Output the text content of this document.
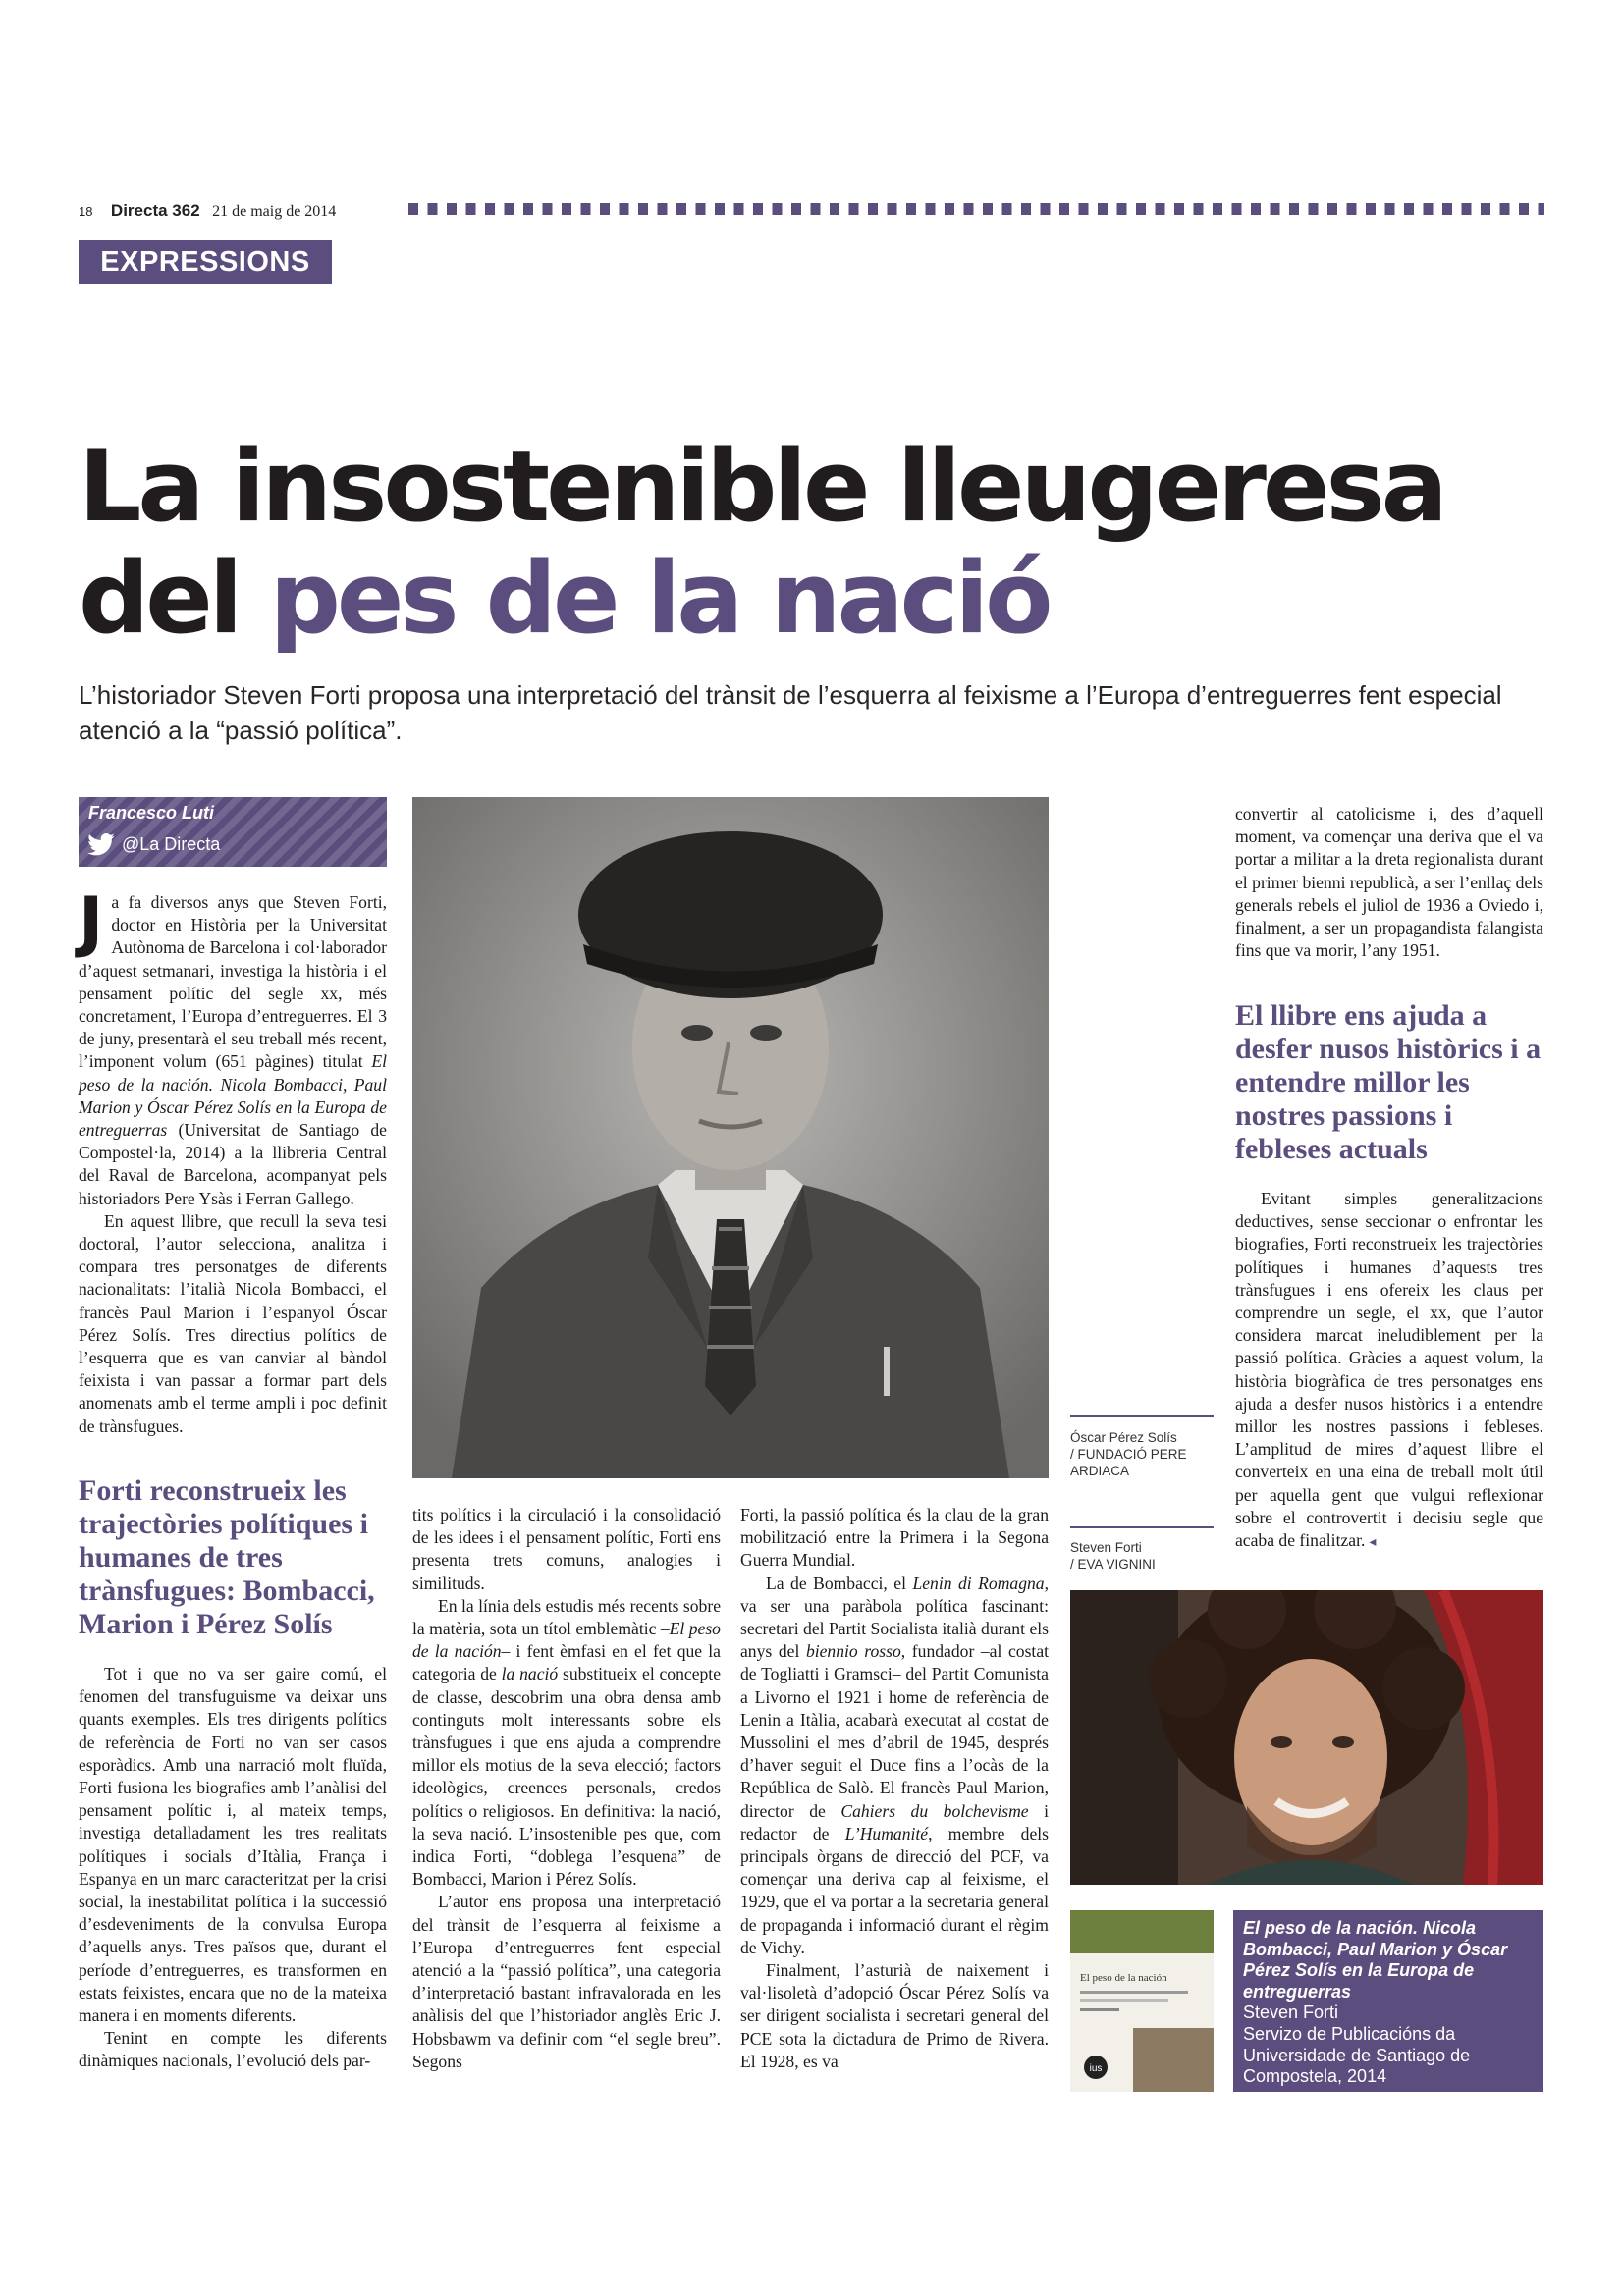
18 Directa 362 21 de maig de 2014
EXPRESSIONS
La insostenible lleugeresa del pes de la nació

L’historiador Steven Forti proposa una interpretació del trànsit de l’esquerra al feixisme a l’Europa d’entreguerres fent especial atenció a la “passió política”.

Francesco Luti
@La Directa

Ja fa diversos anys que Steven Forti, doctor en Història per la Universitat Autònoma de Barcelona i col·laborador d’aquest setmanari, investiga la història i el pensament polític del segle xx, més concretament, l’Europa d’entreguerres. El 3 de juny, presentarà el seu treball més recent, l’imponent volum (651 pàgines) titulat El peso de la nación. Nicola Bombacci, Paul Marion y Óscar Pérez Solís en la Europa de entreguerras (Universitat de Santiago de Compostel·la, 2014) a la llibreria Central del Raval de Barcelona, acompanyat pels historiadors Pere Ysàs i Ferran Gallego.

En aquest llibre, que recull la seva tesi doctoral, l’autor selecciona, analitza i compara tres personatges de diferents nacionalitats: l’italià Nicola Bombacci, el francès Paul Marion i l’espanyol Óscar Pérez Solís. Tres directius polítics de l’esquerra que es van canviar al bàndol feixista i van passar a formar part dels anomenats amb el terme ampli i poc definit de trànsfugues.

Forti reconstrueix les trajectòries polítiques i humanes de tres trànsfugues: Bombacci, Marion i Pérez Solís

Tot i que no va ser gaire comú, el fenomen del transfuguisme va deixar uns quants exemples. Els tres dirigents polítics de referència de Forti no van ser casos esporàdics. Amb una narració molt fluïda, Forti fusiona les biografies amb l’anàlisi del pensament polític i, al mateix temps, investiga detalladament les tres realitats polítiques i socials d’Itàlia, França i Espanya en un marc caracteritzat per la crisi social, la inestabilitat política i la successió d’esdeveniments de la convulsa Europa d’aquells anys. Tres països que, durant el període d’entreguerres, es transformen en estats feixistes, encara que no de la mateixa manera i en moments diferents.

Tenint en compte les diferents dinàmiques nacionals, l’evolució dels par-

tits polítics i la circulació i la consolidació de les idees i el pensament polític, Forti ens presenta trets comuns, analogies i similituds.

En la línia dels estudis més recents sobre la matèria, sota un títol emblemàtic –El peso de la nación– i fent èmfasi en el fet que la categoria de la nació substitueix el concepte de classe, descobrim una obra densa amb continguts molt interessants sobre els trànsfugues i que ens ajuda a comprendre millor els motius de la seva elecció; factors ideològics, creences personals, credos polítics o religiosos. En definitiva: la nació, la seva nació. L’insostenible pes que, com indica Forti, “doblega l’esquena” de Bombacci, Marion i Pérez Solís.

L’autor ens proposa una interpretació del trànsit de l’esquerra al feixisme a l’Europa d’entreguerres fent especial atenció a la “passió política”, una categoria d’interpretació bastant infravalorada en les anàlisis del que l’historiador anglès Eric J. Hobsbawm va definir com “el segle breu”. Segons

Forti, la passió política és la clau de la gran mobilització entre la Primera i la Segona Guerra Mundial.

La de Bombacci, el Lenin di Romagna, va ser una paràbola política fascinant: secretari del Partit Socialista italià durant els anys del biennio rosso, fundador –al costat de Togliatti i Gramsci– del Partit Comunista a Livorno el 1921 i home de referència de Lenin a Itàlia, acabarà executat al costat de Mussolini el mes d’abril de 1945, després d’haver seguit el Duce fins a l’ocàs de la República de Salò. El francès Paul Marion, director de Cahiers du bolchevisme i redactor de L’Humanité, membre dels principals òrgans de direcció del PCF, va començar una deriva cap al feixisme, el 1929, que el va portar a la secretaria general de propaganda i informació durant el règim de Vichy.

Finalment, l’asturià de naixement i val·lisoletà d’adopció Óscar Pérez Solís va ser dirigent socialista i secretari general del PCE sota la dictadura de Primo de Rivera. El 1928, es va

Óscar Pérez Solís
/ FUNDACIÓ PERE ARDIACA
Steven Forti
/ EVA VIGNINI

convertir al catolicisme i, des d’aquell moment, va començar una deriva que el va portar a militar a la dreta regionalista durant el primer bienni republicà, a ser l’enllaç dels generals rebels el juliol de 1936 a Oviedo i, finalment, a ser un propagandista falangista fins que va morir, l’any 1951.

El llibre ens ajuda a desfer nusos històrics i a entendre millor les nostres passions i febleses actuals

Evitant simples generalitzacions deductives, sense seccionar o enfrontar les biografies, Forti reconstrueix les trajectòries polítiques i humanes d’aquests tres trànsfugues i ens ofereix les claus per comprendre un segle, el xx, que l’autor considera marcat ineludiblement per la passió política. Gràcies a aquest volum, la història biogràfica de tres personatges ens ajuda a desfer nusos històrics i a entendre millor les nostres passions i febleses. L’amplitud de mires d’aquest llibre el converteix en una eina de treball molt útil per aquella gent que vulgui reflexionar sobre el controvertit i decisiu segle que acaba de finalitzar. ◂

El peso de la nación
ius
El peso de la nación. Nicola Bombacci, Paul Marion y Óscar Pérez Solís en la Europa de entreguerras
Steven Forti
Servizo de Publicacións da Universidade de Santiago de Compostela, 2014
